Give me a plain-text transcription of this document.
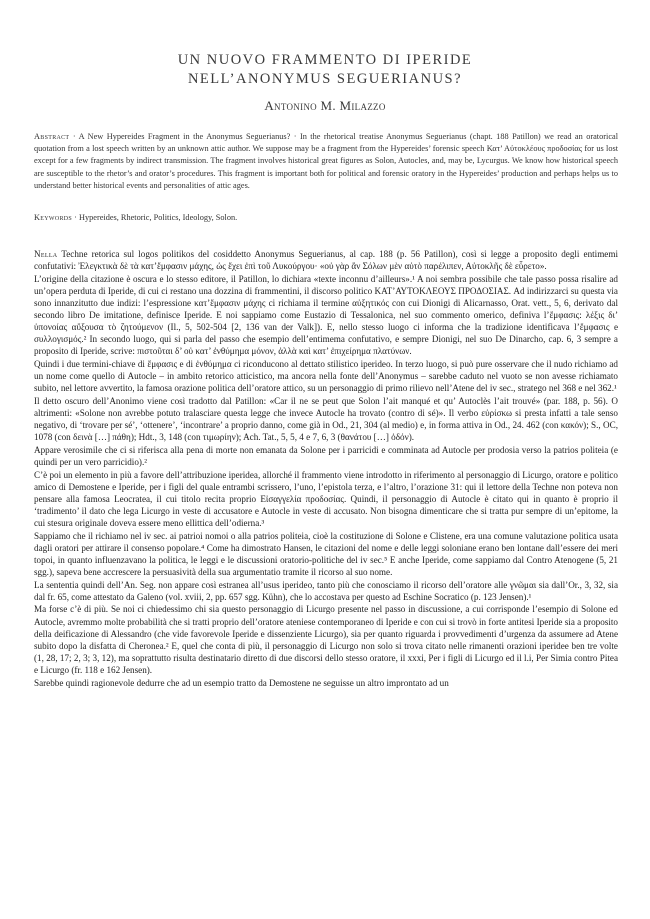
UN NUOVO FRAMMENTO DI IPERIDE
NELL’ANONYMUS SEGUERIANUS?
Antonino M. Milazzo
Abstract · A New Hypereides Fragment in the Anonymus Seguerianus? · In the rhetorical treatise Anonymus Seguerianus (chapt. 188 Patillon) we read an oratorical quotation from a lost speech written by an unknown attic author. We suppose may be a fragment from the Hypereides’ forensic speech Κατ’ Αὐτοκλέους προδοσίας for us lost except for a few fragments by indirect transmission. The fragment involves historical great figures as Solon, Autocles, and, may be, Lycurgus. We know how historical speech are susceptible to the rhetor’s and orator’s procedures. This fragment is important both for political and forensic oratory in the Hypereides’ production and perhaps helps us to understand better historical events and personalities of attic ages.
Keywords · Hypereides, Rhetoric, Politics, Ideology, Solon.

Nella Techne retorica sul logos politikos del cosiddetto Anonymus Seguerianus, al cap. 188 (p. 56 Patillon), così si legge a proposito degli entimemi confutativi: Ἐλεγκτικὰ δὲ τὰ κατ’ἔμφασιν μάχης, ὡς ἔχει ἐπὶ τοῦ Λυκούργου· «οὐ γὰρ ἂν Σόλων μὲν αὐτὸ παρέλιπεν, Αὐτοκλῆς δὲ εὗρετο».

L’origine della citazione è oscura e lo stesso editore, il Patillon, lo dichiara «texte inconnu d’ailleurs».¹ A noi sembra possibile che tale passo possa risalire ad un’opera perduta di Iperide, di cui ci restano una dozzina di frammentini, il discorso politico ΚΑΤ’ΑΥΤΟΚΛΕΟΥΣ ΠΡΟΔΟΣΙΑΣ. Ad indirizzarci su questa via sono innanzitutto due indizi: l’espressione κατ’ἔμφασιν μάχης ci richiama il termine αὐξητικός con cui Dionigi di Alicarnasso, Orat. vett., 5, 6, derivato dal secondo libro De imitatione, definisce Iperide. E noi sappiamo come Eustazio di Tessalonica, nel suo commento omerico, definiva l’ἔμφασις: λέξις δι’ ὑπονοίας αὔξουσα τὸ ζητούμενον (Il., 5, 502-504 [2, 136 van der Valk]). E, nello stesso luogo ci informa che la tradizione identificava l’ἔμφασις e συλλογισμός.² In secondo luogo, qui si parla del passo che esempio dell’entimema confutativo, e sempre Dionigi, nel suo De Dinarcho, cap. 6, 3 sempre a proposito di Iperide, scrive: πιστοῦται δ’ οὐ κατ’ ἐνθύμημα μόνον, ἀλλὰ καὶ κατ’ ἐπιχείρημα πλατύνων.

Quindi i due termini-chiave di ἔμφασις e di ἐνθύμημα ci riconducono al dettato stilistico iperideo. In terzo luogo, si può pure osservare che il nudo richiamo ad un nome come quello di Autocle – in ambito retorico atticistico, ma ancora nella fonte dell’Anonymus – sarebbe caduto nel vuoto se non avesse richiamato subito, nel lettore avvertito, la famosa orazione politica dell’oratore attico, su un personaggio di primo rilievo nell’Atene del iv sec., stratego nel 368 e nel 362.¹

Il detto oscuro dell’Anonimo viene così tradotto dal Patillon: «Car il ne se peut que Solon l’ait manqué et qu’ Autoclès l’ait trouvé» (par. 188, p. 56). O altrimenti: «Solone non avrebbe potuto tralasciare questa legge che invece Autocle ha trovato (contro di sé)». Il verbo εὑρίσκω si presta infatti a tale senso negativo, di ‘trovare per sé’, ‘ottenere’, ‘incontrare’ a proprio danno, come già in Od., 21, 304 (al medio) e, in forma attiva in Od., 24. 462 (con κακόν); S., OC, 1078 (con δεινὰ […] πάθη); Hdt., 3, 148 (con τιμωρίην); Ach. Tat., 5, 5, 4 e 7, 6, 3 (θανάτου […] ὁδόν).

Appare verosimile che ci si riferisca alla pena di morte non emanata da Solone per i parricidi e comminata ad Autocle per prodosia verso la patrios politeia (e quindi per un vero parricidio).²

C’è poi un elemento in più a favore dell’attribuzione iperidea, allorché il frammento viene introdotto in riferimento al personaggio di Licurgo, oratore e politico amico di Demostene e Iperide, per i figli del quale entrambi scrissero, l’uno, l’epistola terza, e l’altro, l’orazione 31: qui il lettore della Techne non poteva non pensare alla famosa Leocratea, il cui titolo recita proprio Εἰσαγγελία προδοσίας. Quindi, il personaggio di Autocle è citato qui in quanto è proprio il ‘tradimento’ il dato che lega Licurgo in veste di accusatore e Autocle in veste di accusato. Non bisogna dimenticare che si tratta pur sempre di un’epitome, la cui stesura originale doveva essere meno ellittica dell’odierna.³

Sappiamo che il richiamo nel iv sec. ai patrioi nomoi o alla patrios politeia, cioè la costituzione di Solone e Clistene, era una comune valutazione politica usata dagli oratori per attirare il consenso popolare.⁴ Come ha dimostrato Hansen, le citazioni del nome e delle leggi soloniane erano ben lontane dall’essere dei meri topoi, in quanto influenzavano la politica, le leggi e le discussioni oratorio-politiche del iv sec.⁵ E anche Iperide, come sappiamo dal Contro Atenogene (5, 21 sgg.), sapeva bene accrescere la persuasività della sua argumentatio tramite il ricorso al suo nome.

La sententia quindi dell’An. Seg. non appare così estranea all’usus iperideo, tanto più che conosciamo il ricorso dell’oratore alle γνῶμαι sia dall’Or., 3, 32, sia dal fr. 65, come attestato da Galeno (vol. xviii, 2, pp. 657 sgg. Kühn), che lo accostava per questo ad Eschine Socratico (p. 123 Jensen).¹

Ma forse c’è di più. Se noi ci chiedessimo chi sia questo personaggio di Licurgo presente nel passo in discussione, a cui corrisponde l’esempio di Solone ed Autocle, avremmo molte probabilità che si tratti proprio dell’oratore ateniese contemporaneo di Iperide e con cui si trovò in forte antitesi Iperide sia a proposito della deificazione di Alessandro (che vide favorevole Iperide e dissenziente Licurgo), sia per quanto riguarda i provvedimenti d’urgenza da assumere ad Atene subito dopo la disfatta di Cheronea.² E, quel che conta di più, il personaggio di Licurgo non solo si trova citato nelle rimanenti orazioni iperidee ben tre volte (1, 28, 17; 2, 3; 3, 12), ma soprattutto risulta destinatario diretto di due discorsi dello stesso oratore, il xxxi, Per i figli di Licurgo ed il l.i, Per Simia contro Pitea e Licurgo (fr. 118 e 162 Jensen).

Sarebbe quindi ragionevole dedurre che ad un esempio tratto da Demostene ne seguisse un altro improntato ad un
